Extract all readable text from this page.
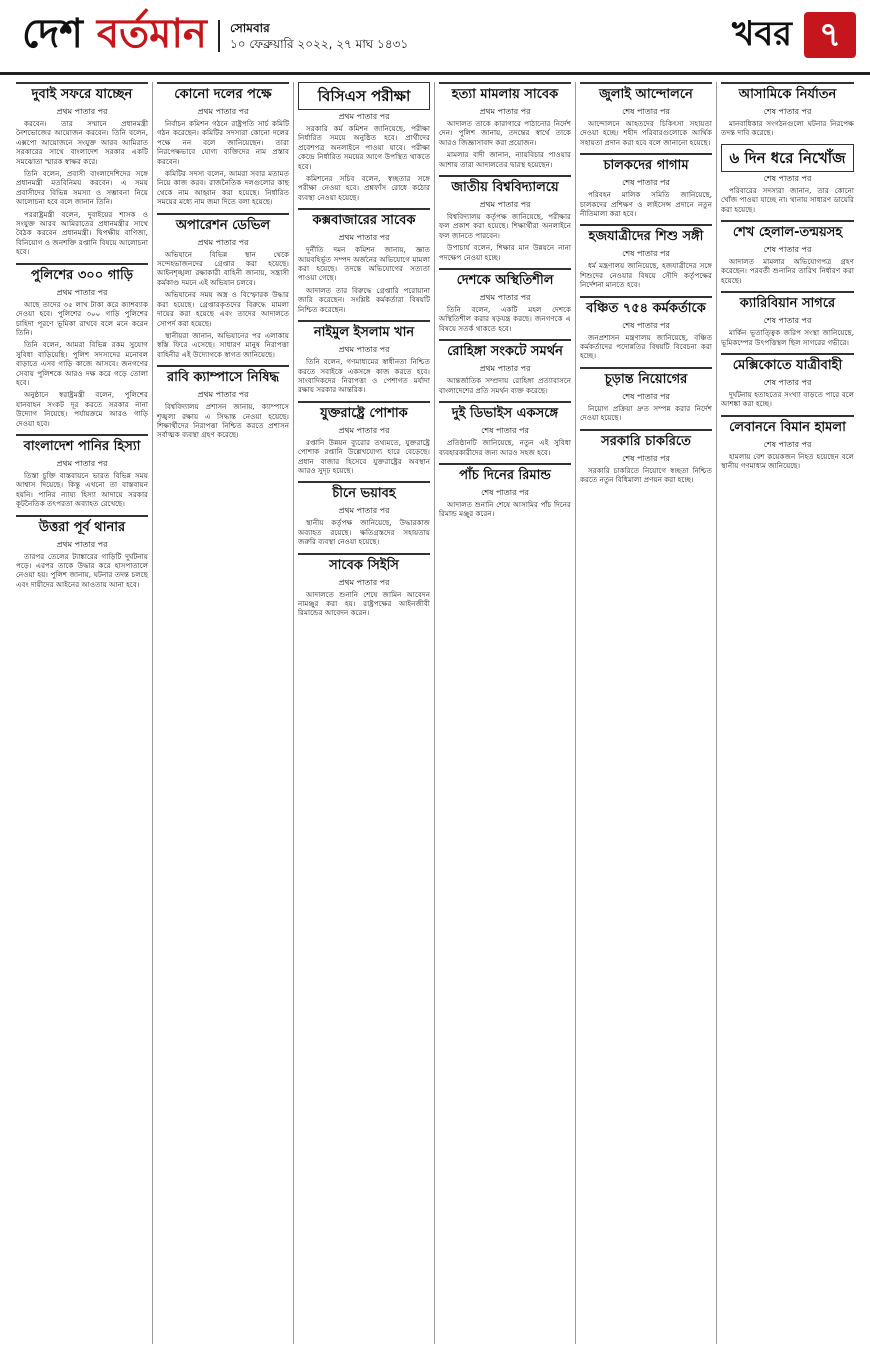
দেশ বর্তমান সোমবার
১০ ফেব্রুয়ারি ২০২২, ২৭ মাঘ ১৪৩১	খবর ৭
দুবাই সফরে যাচ্ছেন
প্রথম পাতার পর

করবেন। তার সম্মানে প্রধানমন্ত্রী নৈশভোজের আয়োজন করবেন। তিনি বলেন, এক্সপো আয়োজনে সংযুক্ত আরব আমিরাত সরকারের সাথে বাংলাদেশ সরকার একটি সমঝোতা স্মারক স্বাক্ষর করে।

তিনি বলেন, প্রবাসী বাংলাদেশিদের সঙ্গে প্রধানমন্ত্রী মতবিনিময় করবেন। এ সময় প্রবাসীদের বিভিন্ন সমস্যা ও সম্ভাবনা নিয়ে আলোচনা হবে বলে জানান তিনি।

পররাষ্ট্রমন্ত্রী বলেন, দুবাইয়ের শাসক ও সংযুক্ত আরব আমিরাতের প্রধানমন্ত্রীর সাথে বৈঠক করবেন প্রধানমন্ত্রী। দ্বিপক্ষীয় বাণিজ্য, বিনিয়োগ ও জনশক্তি রপ্তানি বিষয়ে আলোচনা হবে।

পুলিশের ৩০০ গাড়ি
প্রথম পাতার পর

আছে তাদের ৩৫ লাখ টাকা করে ক্যাশব্যাক দেওয়া হবে। পুলিশের ৩০০ গাড়ি পুলিশের চাহিদা পূরণে ভূমিকা রাখবে বলে মনে করেন তিনি।

তিনি বলেন, আমরা বিভিন্ন রকম সুযোগ সুবিধা বাড়িয়েছি। পুলিশ সদস্যদের মনোবল বাড়াতে এসব গাড়ি কাজে আসবে। জনগণের সেবায় পুলিশকে আরও দক্ষ করে গড়ে তোলা হবে।

অনুষ্ঠানে স্বরাষ্ট্রমন্ত্রী বলেন, পুলিশের যানবাহন সংকট দূর করতে সরকার নানা উদ্যোগ নিয়েছে। পর্যায়ক্রমে আরও গাড়ি দেওয়া হবে।

বাংলাদেশ পানির হিস্যা
প্রথম পাতার পর

তিস্তা চুক্তি বাস্তবায়নে ভারত বিভিন্ন সময় আশ্বাস দিয়েছে। কিন্তু এখনো তা বাস্তবায়ন হয়নি। পানির ন্যায্য হিস্যা আদায়ে সরকার কূটনৈতিক তৎপরতা অব্যাহত রেখেছে।

উত্তরা পূর্ব থানার
প্রথম পাতার পর

তারপর তেলের ট্যাঙ্কারের গাড়িটি দুর্ঘটনায় পড়ে। এরপর তাকে উদ্ধার করে হাসপাতালে নেওয়া হয়। পুলিশ জানায়, ঘটনার তদন্ত চলছে এবং দায়ীদের আইনের আওতায় আনা হবে।

কোনো দলের পক্ষে
প্রথম পাতার পর

নির্বাচন কমিশন গঠনে রাষ্ট্রপতি সার্চ কমিটি গঠন করেছেন। কমিটির সদস্যরা কোনো দলের পক্ষে নন বলে জানিয়েছেন। তারা নিরপেক্ষভাবে যোগ্য ব্যক্তিদের নাম প্রস্তাব করবেন।

কমিটির সদস্য বলেন, আমরা সবার মতামত নিয়ে কাজ করব। রাজনৈতিক দলগুলোর কাছ থেকে নাম আহ্বান করা হয়েছে। নির্ধারিত সময়ের মধ্যে নাম জমা দিতে বলা হয়েছে।

অপারেশন ডেভিল
প্রথম পাতার পর

অভিযানে বিভিন্ন স্থান থেকে সন্দেহভাজনদের গ্রেপ্তার করা হয়েছে। আইনশৃঙ্খলা রক্ষাকারী বাহিনী জানায়, সন্ত্রাসী কর্মকাণ্ড দমনে এই অভিযান চলবে।

অভিযানের সময় অস্ত্র ও বিস্ফোরক উদ্ধার করা হয়েছে। গ্রেপ্তারকৃতদের বিরুদ্ধে মামলা দায়ের করা হয়েছে এবং তাদের আদালতে সোপর্দ করা হয়েছে।

স্থানীয়রা জানান, অভিযানের পর এলাকায় স্বস্তি ফিরে এসেছে। সাধারণ মানুষ নিরাপত্তা বাহিনীর এই উদ্যোগকে স্বাগত জানিয়েছে।

রাবি ক্যাম্পাসে নিষিদ্ধ
প্রথম পাতার পর

বিশ্ববিদ্যালয় প্রশাসন জানায়, ক্যাম্পাসে শৃঙ্খলা রক্ষায় এ সিদ্ধান্ত নেওয়া হয়েছে। শিক্ষার্থীদের নিরাপত্তা নিশ্চিত করতে প্রশাসন সর্বাত্মক ব্যবস্থা গ্রহণ করেছে।

বিসিএস পরীক্ষা
প্রথম পাতার পর

সরকারি কর্ম কমিশন জানিয়েছে, পরীক্ষা নির্ধারিত সময়ে অনুষ্ঠিত হবে। প্রার্থীদের প্রবেশপত্র অনলাইনে পাওয়া যাবে। পরীক্ষা কেন্দ্রে নির্ধারিত সময়ের আগে উপস্থিত থাকতে হবে।

কমিশনের সচিব বলেন, স্বচ্ছতার সঙ্গে পরীক্ষা নেওয়া হবে। প্রশ্নফাঁস রোধে কঠোর ব্যবস্থা নেওয়া হয়েছে।

কক্সবাজারের সাবেক
প্রথম পাতার পর

দুর্নীতি দমন কমিশন জানায়, জ্ঞাত আয়বহির্ভূত সম্পদ অর্জনের অভিযোগে মামলা করা হয়েছে। তদন্তে অভিযোগের সত্যতা পাওয়া গেছে।

আদালত তার বিরুদ্ধে গ্রেপ্তারি পরোয়ানা জারি করেছেন। সংশ্লিষ্ট কর্মকর্তারা বিষয়টি নিশ্চিত করেছেন।

নাইমুল ইসলাম খান
প্রথম পাতার পর

তিনি বলেন, গণমাধ্যমের স্বাধীনতা নিশ্চিত করতে সবাইকে একসঙ্গে কাজ করতে হবে। সাংবাদিকদের নিরাপত্তা ও পেশাগত মর্যাদা রক্ষায় সরকার আন্তরিক।

যুক্তরাষ্ট্রে পোশাক
প্রথম পাতার পর

রপ্তানি উন্নয়ন ব্যুরোর তথ্যমতে, যুক্তরাষ্ট্রে পোশাক রপ্তানি উল্লেখযোগ্য হারে বেড়েছে। প্রধান বাজার হিসেবে যুক্তরাষ্ট্রের অবস্থান আরও সুদৃঢ় হয়েছে।

চীনে ভয়াবহ
প্রথম পাতার পর

স্থানীয় কর্তৃপক্ষ জানিয়েছে, উদ্ধারকাজ অব্যাহত রয়েছে। ক্ষতিগ্রস্তদের সহায়তায় জরুরি ব্যবস্থা নেওয়া হয়েছে।

সাবেক সিইসি
প্রথম পাতার পর

আদালতে শুনানি শেষে জামিন আবেদন নামঞ্জুর করা হয়। রাষ্ট্রপক্ষের আইনজীবী রিমান্ডের আবেদন করেন।

হত্যা মামলায় সাবেক
প্রথম পাতার পর

আদালত তাকে কারাগারে পাঠানোর নির্দেশ দেন। পুলিশ জানায়, তদন্তের স্বার্থে তাকে আরও জিজ্ঞাসাবাদ করা প্রয়োজন।

মামলার বাদী জানান, ন্যায়বিচার পাওয়ার আশায় তারা আদালতের দ্বারস্থ হয়েছেন।

জাতীয় বিশ্ববিদ্যালয়ে
প্রথম পাতার পর

বিশ্ববিদ্যালয় কর্তৃপক্ষ জানিয়েছে, পরীক্ষার ফল প্রকাশ করা হয়েছে। শিক্ষার্থীরা অনলাইনে ফল জানতে পারবেন।

উপাচার্য বলেন, শিক্ষার মান উন্নয়নে নানা পদক্ষেপ নেওয়া হচ্ছে।

দেশকে অস্থিতিশীল
প্রথম পাতার পর

তিনি বলেন, একটি মহল দেশকে অস্থিতিশীল করার ষড়যন্ত্র করছে। জনগণকে এ বিষয়ে সতর্ক থাকতে হবে।

রোহিঙ্গা সংকটে সমর্থন
প্রথম পাতার পর

আন্তর্জাতিক সম্প্রদায় রোহিঙ্গা প্রত্যাবাসনে বাংলাদেশের প্রতি সমর্থন ব্যক্ত করেছে।

দুই ডিভাইস একসঙ্গে
শেষ পাতার পর

প্রতিষ্ঠানটি জানিয়েছে, নতুন এই সুবিধা ব্যবহারকারীদের জন্য আরও সহজ হবে।

পাঁচ দিনের রিমান্ড
শেষ পাতার পর

আদালত শুনানি শেষে আসামির পাঁচ দিনের রিমান্ড মঞ্জুর করেন।

জুলাই আন্দোলনে
শেষ পাতার পর

আন্দোলনে আহতদের চিকিৎসা সহায়তা দেওয়া হচ্ছে। শহীদ পরিবারগুলোকে আর্থিক সহায়তা প্রদান করা হবে বলে জানানো হয়েছে।

চালকদের গাগাম
শেষ পাতার পর

পরিবহন মালিক সমিতি জানিয়েছে, চালকদের প্রশিক্ষণ ও লাইসেন্স প্রদানে নতুন নীতিমালা করা হবে।

হজযাত্রীদের শিশু সঙ্গী
শেষ পাতার পর

ধর্ম মন্ত্রণালয় জানিয়েছে, হজযাত্রীদের সঙ্গে শিশুদের নেওয়ার বিষয়ে সৌদি কর্তৃপক্ষের নির্দেশনা মানতে হবে।

বঞ্চিত ৭৫৪ কর্মকর্তাকে
শেষ পাতার পর

জনপ্রশাসন মন্ত্রণালয় জানিয়েছে, বঞ্চিত কর্মকর্তাদের পদোন্নতির বিষয়টি বিবেচনা করা হচ্ছে।

চূড়ান্ত নিয়োগের
শেষ পাতার পর

নিয়োগ প্রক্রিয়া দ্রুত সম্পন্ন করার নির্দেশ দেওয়া হয়েছে।

সরকারি চাকরিতে
শেষ পাতার পর

সরকারি চাকরিতে নিয়োগে স্বচ্ছতা নিশ্চিত করতে নতুন বিধিমালা প্রণয়ন করা হচ্ছে।

আসামিকে নির্যাতন
শেষ পাতার পর

মানবাধিকার সংগঠনগুলো ঘটনার নিরপেক্ষ তদন্ত দাবি করেছে।

৬ দিন ধরে নিখোঁজ
শেষ পাতার পর

পরিবারের সদস্যরা জানান, তার কোনো খোঁজ পাওয়া যাচ্ছে না। থানায় সাধারণ ডায়েরি করা হয়েছে।

শেখ হেলাল-তন্ময়সহ
শেষ পাতার পর

আদালত মামলার অভিযোগপত্র গ্রহণ করেছেন। পরবর্তী শুনানির তারিখ নির্ধারণ করা হয়েছে।

ক্যারিবিয়ান সাগরে
শেষ পাতার পর

মার্কিন ভূতাত্ত্বিক জরিপ সংস্থা জানিয়েছে, ভূমিকম্পের উৎপত্তিস্থল ছিল সাগরের গভীরে।

মেক্সিকোতে যাত্রীবাহী
শেষ পাতার পর

দুর্ঘটনায় হতাহতের সংখ্যা বাড়তে পারে বলে আশঙ্কা করা হচ্ছে।

লেবাননে বিমান হামলা
শেষ পাতার পর

হামলায় বেশ কয়েকজন নিহত হয়েছেন বলে স্থানীয় গণমাধ্যম জানিয়েছে।
